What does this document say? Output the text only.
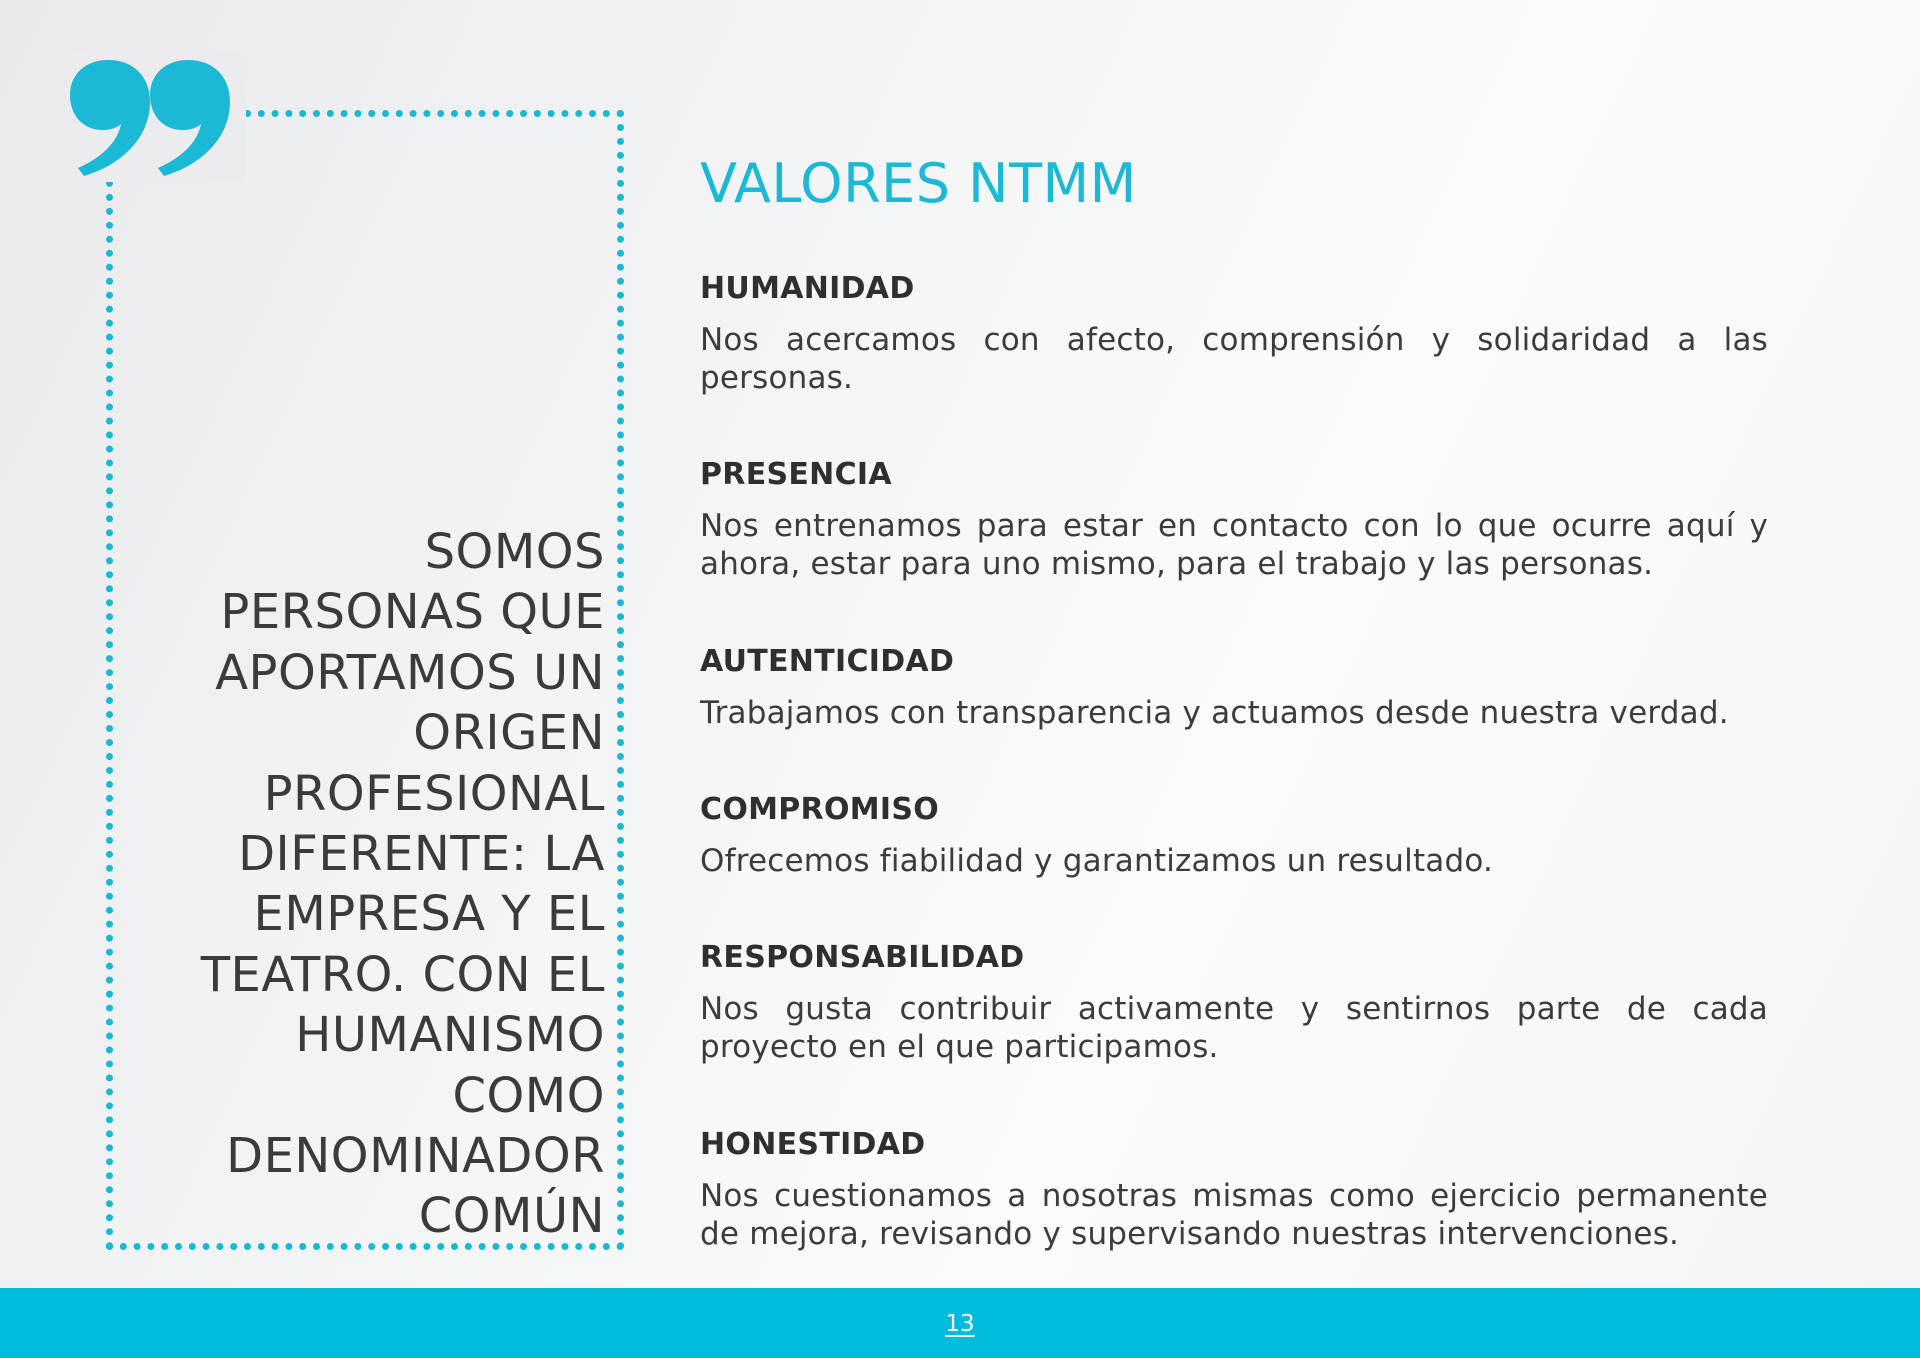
SOMOS PERSONAS QUE APORTAMOS UN ORIGEN PROFESIONAL DIFERENTE: LA EMPRESA Y EL TEATRO. CON EL HUMANISMO COMO DENOMINADOR COMÚN
VALORES NTMM
HUMANIDAD

Nos acercamos con afecto, comprensión y solidaridad a las personas.

PRESENCIA

Nos entrenamos para estar en contacto con lo que ocurre aquí y ahora, estar para uno mismo, para el trabajo y las personas.

AUTENTICIDAD

Trabajamos con transparencia y actuamos desde nuestra verdad.

COMPROMISO

Ofrecemos fiabilidad y garantizamos un resultado.

RESPONSABILIDAD

Nos gusta contribuir activamente y sentirnos parte de cada proyecto en el que participamos.

HONESTIDAD

Nos cuestionamos a nosotras mismas como ejercicio permanente de mejora, revisando y supervisando nuestras intervenciones.

13
